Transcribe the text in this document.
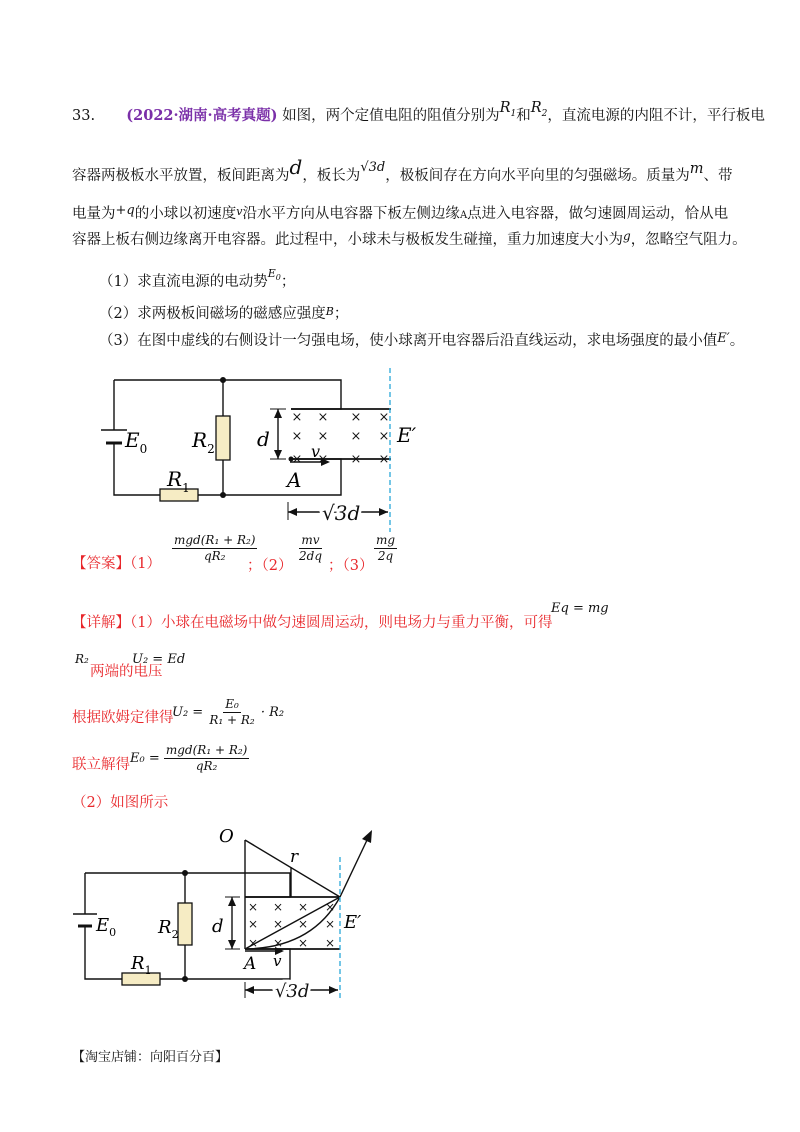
33. (2022·湖南·高考真题) 如图，两个定值电阻的阻值分别为$R_1$和$R_2$，直流电源的内阻不计，平行板电
容器两极板水平放置，板间距离为d，板长为√3d，极板间存在方向水平向里的匀强磁场。质量为m、带
电量为+q的小球以初速度$^v$沿水平方向从电容器下板左侧边缘A点进入电容器，做匀速圆周运动，恰从电
容器上板右侧边缘离开电容器。此过程中，小球未与极板发生碰撞，重力加速度大小为$^g$，忽略空气阻力。
（1）求直流电源的电动势$^{E_0}$；
（2）求两极板间磁场的磁感应强度$^B$；
（3）在图中虚线的右侧设计一匀强电场，使小球离开电容器后沿直线运动，求电场强度的最小值E′。
× × × ×
× × × ×
× × × ×
$E_0$ $R_2$
$R_1$
d
v
A
E′
√3d
【答案】$(1) \frac{\text{mgd(R₁ + R₂)}}{\text{qR₂}}$
；（2）
$\frac{mv}{2dq}$
；（3）
$\frac{mg}{2q}$
【详解】（1）小球在电磁场中做匀速圆周运动，则电场力与重力平衡，可得
Eq = mg
R₂
两端的电压
U₂ = Ed
根据欧姆定律得
$U_2 = \frac{\text{E₀}}{\text{R₁ + R₂}} \cdot R_2$
联立解得 $E_0 = \frac{\text{mgd(R₁ + R₂)}}{\text{qR₂}}$
（2）如图所示
× × × ×
× × × ×
× × × ×
O
r
$E_0$ $R_2$
$R_1$
d
v
A
E′
√3d
【淘宝店铺：向阳百分百】
